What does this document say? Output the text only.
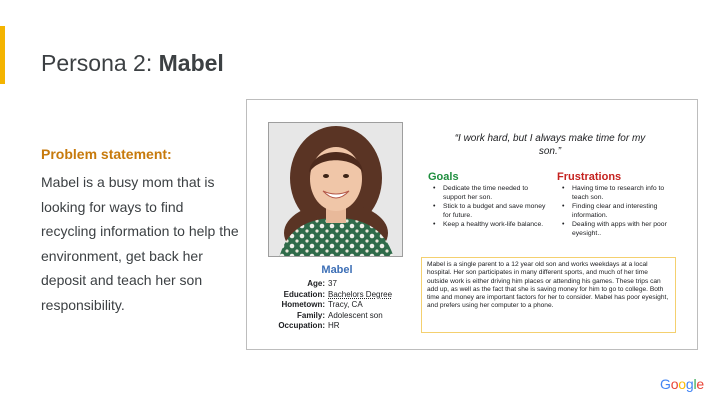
Persona 2: Mabel
Problem statement:
Mabel is a busy mom that is looking for ways to find recycling information to help the environment, get back her deposit and teach her son responsibility.
Mabel
Age: 37
Education: Bachelors Degree
Hometown: Tracy, CA
Family: Adolescent son
Occupation: HR
“I work hard, but I always make time for my son.”
Goals
• Dedicate the time needed to support her son.
• Stick to a budget and save money for future.
• Keep a healthy work-life balance.
Frustrations
• Having time to research info to teach son.
• Finding clear and interesting information.
• Dealing with apps with her poor eyesight..
Mabel is a single parent to a 12 year old son and works weekdays at a local hospital. Her son participates in many different sports, and much of her time outside work is either driving him places or attending his games. These trips can add up, as well as the fact that she is saving money for him to go to college. Both time and money are important factors for her to consider. Mabel has poor eyesight, and prefers using her computer to a phone.
Google
